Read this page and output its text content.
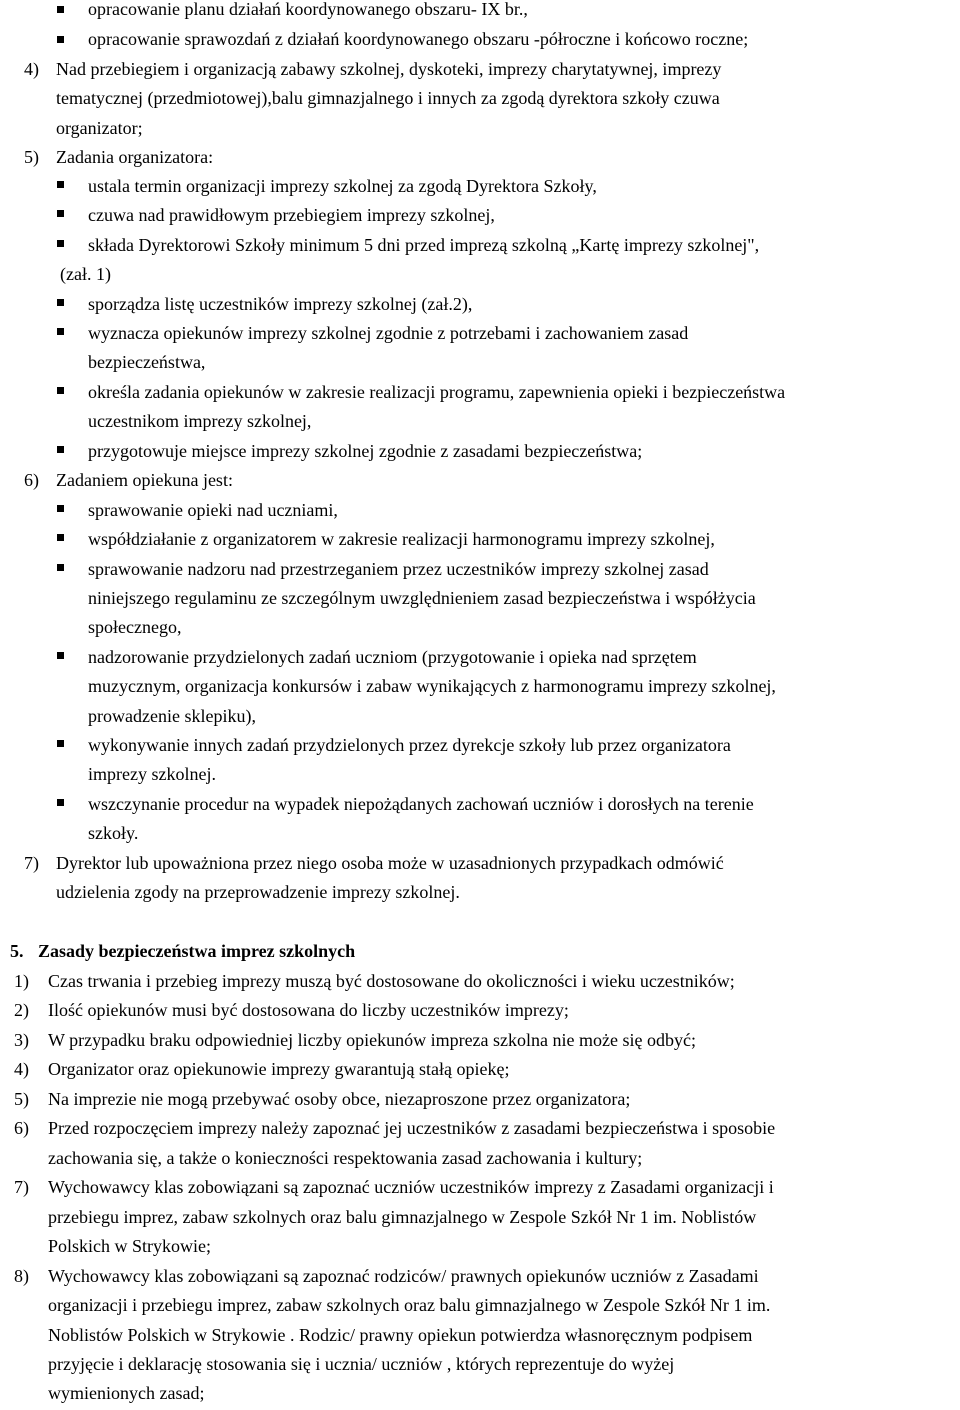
opracowanie planu działań koordynowanego obszaru- IX br.,
opracowanie sprawozdań z działań koordynowanego obszaru -półroczne i końcowo roczne;
4) Nad przebiegiem i organizacją zabawy szkolnej, dyskoteki, imprezy charytatywnej, imprezy
tematycznej (przedmiotowej),balu gimnazjalnego i innych za zgodą dyrektora szkoły czuwa
organizator;
5) Zadania organizatora:
ustala termin organizacji imprezy szkolnej za zgodą Dyrektora Szkoły,
czuwa nad prawidłowym przebiegiem imprezy szkolnej,
składa Dyrektorowi Szkoły minimum 5 dni przed imprezą szkolną „Kartę imprezy szkolnej",
(zał. 1)
sporządza listę uczestników imprezy szkolnej (zał.2),
wyznacza opiekunów imprezy szkolnej zgodnie z potrzebami i zachowaniem zasad
bezpieczeństwa,
określa zadania opiekunów w zakresie realizacji programu, zapewnienia opieki i bezpieczeństwa
uczestnikom imprezy szkolnej,
przygotowuje miejsce imprezy szkolnej zgodnie z zasadami bezpieczeństwa;
6) Zadaniem opiekuna jest:
sprawowanie opieki nad uczniami,
współdziałanie z organizatorem w zakresie realizacji harmonogramu imprezy szkolnej,
sprawowanie nadzoru nad przestrzeganiem przez uczestników imprezy szkolnej zasad
niniejszego regulaminu ze szczególnym uwzględnieniem zasad bezpieczeństwa i współżycia
społecznego,
nadzorowanie przydzielonych zadań uczniom (przygotowanie i opieka nad sprzętem
muzycznym, organizacja konkursów i zabaw wynikających z harmonogramu imprezy szkolnej,
prowadzenie sklepiku),
wykonywanie innych zadań przydzielonych przez dyrekcje szkoły lub przez organizatora
imprezy szkolnej.
wszczynanie procedur na wypadek niepożądanych zachowań uczniów i dorosłych na terenie
szkoły.
7) Dyrektor lub upoważniona przez niego osoba może w uzasadnionych przypadkach odmówić
udzielenia zgody na przeprowadzenie imprezy szkolnej.
5. Zasady bezpieczeństwa imprez szkolnych
1) Czas trwania i przebieg imprezy muszą być dostosowane do okoliczności i wieku uczestników;
2) Ilość opiekunów musi być dostosowana do liczby uczestników imprezy;
3) W przypadku braku odpowiedniej liczby opiekunów impreza szkolna nie może się odbyć;
4) Organizator oraz opiekunowie imprezy gwarantują stałą opiekę;
5) Na imprezie nie mogą przebywać osoby obce, niezaproszone przez organizatora;
6) Przed rozpoczęciem imprezy należy zapoznać jej uczestników z zasadami bezpieczeństwa i sposobie
zachowania się, a także o konieczności respektowania zasad zachowania i kultury;
7) Wychowawcy klas zobowiązani są zapoznać uczniów uczestników imprezy z Zasadami organizacji i
przebiegu imprez, zabaw szkolnych oraz balu gimnazjalnego w Zespole Szkół Nr 1 im. Noblistów
Polskich w Strykowie;
8) Wychowawcy klas zobowiązani są zapoznać rodziców/ prawnych opiekunów uczniów z Zasadami
organizacji i przebiegu imprez, zabaw szkolnych oraz balu gimnazjalnego w Zespole Szkół Nr 1 im.
Noblistów Polskich w Strykowie . Rodzic/ prawny opiekun potwierdza własnoręcznym podpisem
przyjęcie i deklarację stosowania się i ucznia/ uczniów , których reprezentuje do wyżej
wymienionych zasad;
